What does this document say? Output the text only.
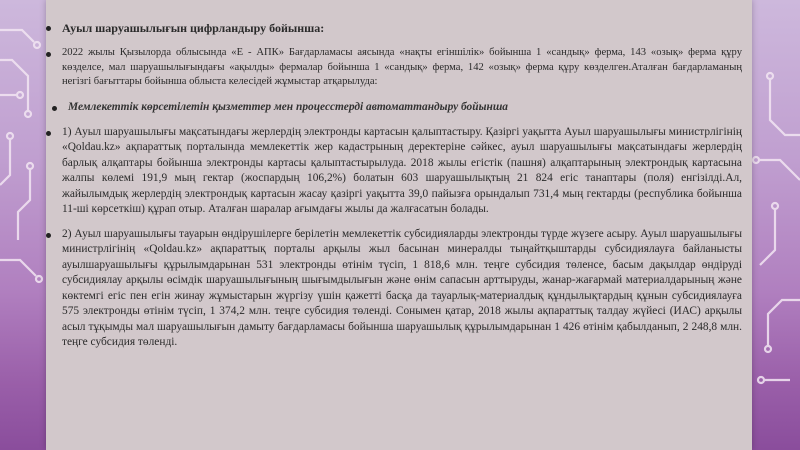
Ауыл шаруашылығын цифрландыру бойынша:
2022 жылы Қызылорда облысында «Е - АПК» Бағдарламасы аясында «нақты егіншілік» бойынша 1 «сандық» ферма, 143 «озық» ферма құру көзделсе, мал шаруашылығындағы «ақылды» фермалар бойынша 1 «сандық» ферма, 142 «озық» ферма құру көзделген.Аталған бағдарламаның негізгі бағыттары бойынша облыста келесідей жұмыстар атқарылуда:
Мемлекеттік көрсетілетін қызметтер мен процесстерді автоматтандыру бойынша
1) Ауыл шаруашылығы мақсатындағы жерлердің электронды картасын қалыптастыру. Қазіргі уақытта Ауыл шаруашылығы министрлігінің «Qoldau.kz» ақпараттық порталында мемлекеттік жер кадастрының деректеріне сәйкес, ауыл шаруашылығы мақсатындағы жерлердің барлық алқаптары бойынша электронды картасы қалыптастырылуда. 2018 жылы егістік (пашня) алқаптарының электрондық картасына жалпы көлемі 191,9 мың гектар (жоспардың 106,2%) болатын 603 шаруашылықтың 21 824 егіс танаптары (поля) енгізілді.Ал, жайылымдық жерлердің электрондық картасын жасау қазіргі уақытта 39,0 пайызға орындалып 731,4 мың гектарды (республика бойынша 11-ші көрсеткіш) құрап отыр. Аталған шаралар ағымдағы жылы да жалғасатын болады.
2) Ауыл шаруашылығы тауарын өндірушілерге берілетін мемлекеттік субсидияларды электронды түрде жүзеге асыру. Ауыл шаруашылығы министрлігінің «Qoldau.kz» ақпараттық порталы арқылы жыл басынан минералды тыңайтқыштарды субсидиялауға байланысты ауылшаруашылығы құрылымдарынан 531 электронды өтінім түсіп, 1 818,6 млн. теңге субсидия төленсе, басым дақылдар өндіруді субсидиялау арқылы өсімдік шаруашылығының шығымдылығын және өнім сапасын арттыруды, жанар-жағармай материалдарының және көктемгі егіс пен егін жинау жұмыстарын жүргізу үшін қажетті басқа да тауарлық-материалдық құндылықтардың құнын субсидиялауға 575 электронды өтінім түсіп, 1 374,2 млн. теңге субсидия төленді. Сонымен қатар, 2018 жылы ақпараттық талдау жүйесі (ИАС) арқылы асыл тұқымды мал шаруашылығын дамыту бағдарламасы бойынша шаруашылық құрылымдарынан 1 426 өтінім қабылданып, 2 248,8 млн. теңге субсидия төленді.
